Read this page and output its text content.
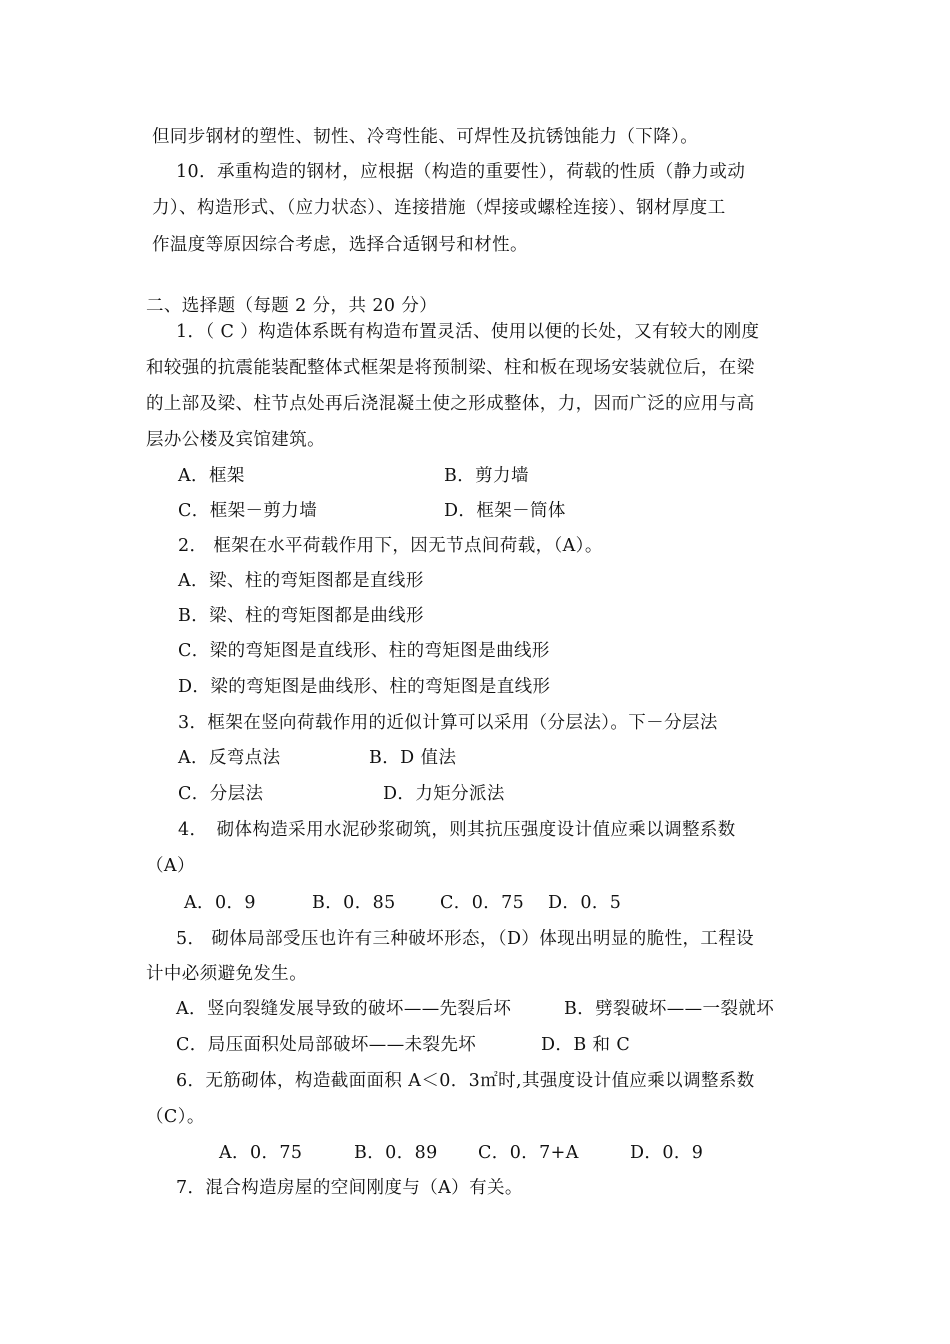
但同步钢材的塑性、韧性、冷弯性能、可焊性及抗锈蚀能力（下降）。
10．承重构造的钢材，应根据（构造的重要性），荷载的性质（静力或动
力）、构造形式、（应力状态）、连接措施（焊接或螺栓连接）、钢材厚度工
作温度等原因综合考虑，选择合适钢号和材性。
二、选择题（每题 2 分，共 20 分）
1．（ C ）构造体系既有构造布置灵活、使用以便的长处，又有较大的刚度
和较强的抗震能装配整体式框架是将预制梁、柱和板在现场安装就位后，在梁
的上部及梁、柱节点处再后浇混凝土使之形成整体，力，因而广泛的应用与高
层办公楼及宾馆建筑。
A．框架	B．剪力墙
C．框架－剪力墙	D．框架－筒体
2． 框架在水平荷载作用下，因无节点间荷载，（A）。
A．梁、柱的弯矩图都是直线形
B．梁、柱的弯矩图都是曲线形
C．梁的弯矩图是直线形、柱的弯矩图是曲线形
D．梁的弯矩图是曲线形、柱的弯矩图是直线形
3．框架在竖向荷载作用的近似计算可以采用（分层法）。下－分层法
A．反弯点法	B．D 值法
C．分层法	D．力矩分派法
4．　砌体构造采用水泥砂浆砌筑，则其抗压强度设计值应乘以调整系数
（A）
A．0．9	B．0．85	C．0．75 D．0．5
5． 砌体局部受压也许有三种破坏形态，（D）体现出明显的脆性，工程设
计中必须避免发生。
A．竖向裂缝发展导致的破坏——先裂后坏	B．劈裂破坏——一裂就坏
C．局压面积处局部破坏——未裂先坏	D．B 和 C
6．无筋砌体，构造截面面积 A＜0．3㎡时,其强度设计值应乘以调整系数
（C）。
A．0．75	B．0．89 C．0．7+A	D．0．9
7．混合构造房屋的空间刚度与（A）有关。
